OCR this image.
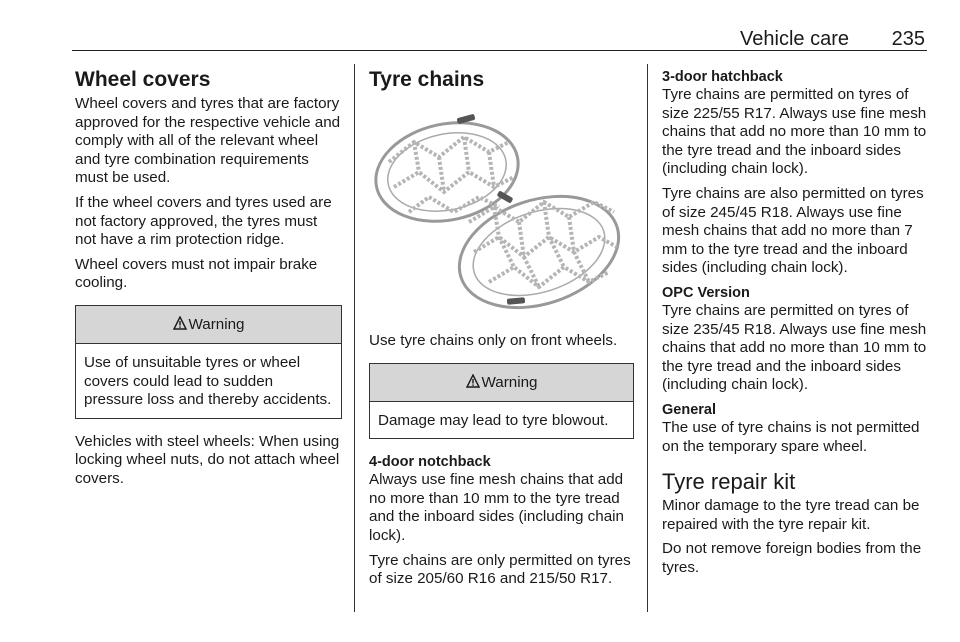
Vehicle care 235
Wheel covers

Wheel covers and tyres that are factory approved for the respective vehicle and comply with all of the relevant wheel and tyre combination requirements must be used.

If the wheel covers and tyres used are not factory approved, the tyres must not have a rim protection ridge.

Wheel covers must not impair brake cooling.

Warning
Use of unsuitable tyres or wheel covers could lead to sudden pressure loss and thereby accidents.

Vehicles with steel wheels: When using locking wheel nuts, do not attach wheel covers.

Tyre chains

Use tyre chains only on front wheels.

Warning
Damage may lead to tyre blowout.
4-door notchback

Always use fine mesh chains that add no more than 10 mm to the tyre tread and the inboard sides (including chain lock).

Tyre chains are only permitted on tyres of size 205/60 R16 and 215/50 R17.

3-door hatchback

Tyre chains are permitted on tyres of size 225/55 R17. Always use fine mesh chains that add no more than 10 mm to the tyre tread and the inboard sides (including chain lock).

Tyre chains are also permitted on tyres of size 245/45 R18. Always use fine mesh chains that add no more than 7 mm to the tyre tread and the inboard sides (including chain lock).

OPC Version

Tyre chains are permitted on tyres of size 235/45 R18. Always use fine mesh chains that add no more than 10 mm to the tyre tread and the inboard sides (including chain lock).

General

The use of tyre chains is not permitted on the temporary spare wheel.

Tyre repair kit

Minor damage to the tyre tread can be repaired with the tyre repair kit.

Do not remove foreign bodies from the tyres.
